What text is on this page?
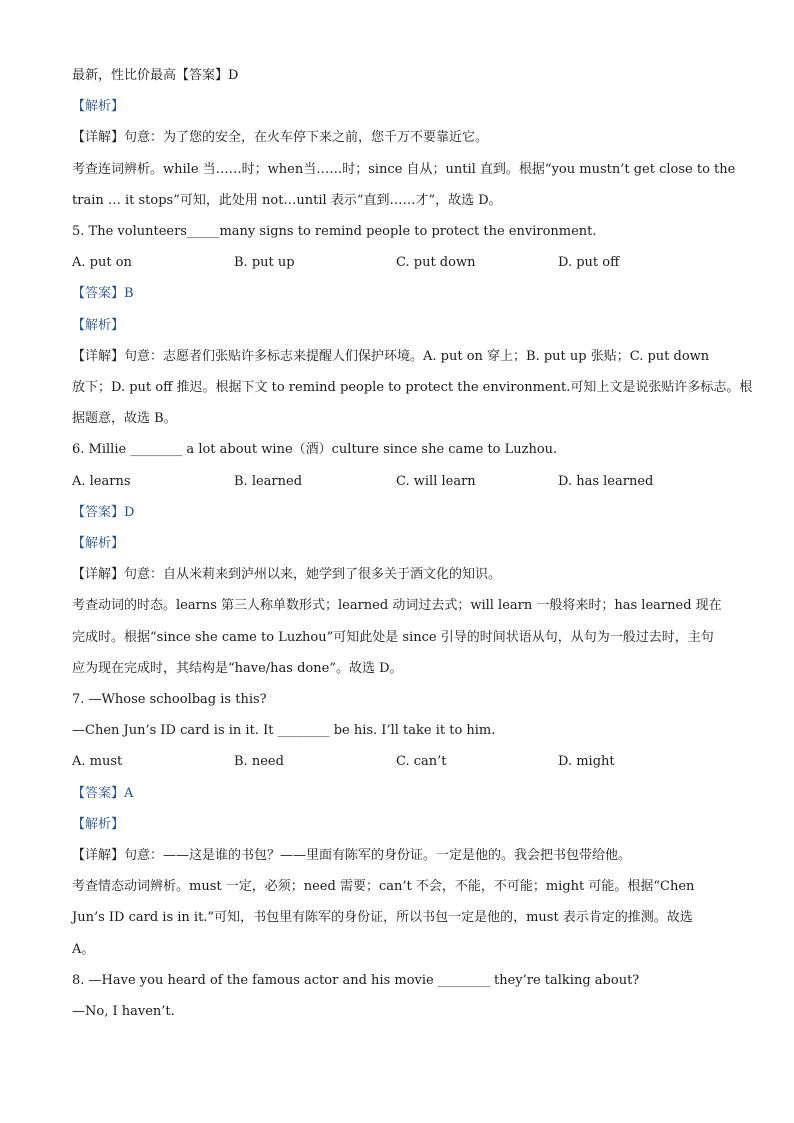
最新，性比价最高【答案】D
【解析】
【详解】句意：为了您的安全，在火车停下来之前，您千万不要靠近它。
考查连词辨析。while 当……时；when当……时；since 自从；until 直到。根据“you mustn’t get close to the
train … it stops”可知，此处用 not…until 表示“直到……才”，故选 D。
5. The volunteers_____many signs to remind people to protect the environment.
A. put on	B. put up	C. put down	D. put off
【答案】B
【解析】
【详解】句意：志愿者们张贴许多标志来提醒人们保护环境。A. put on 穿上；B. put up 张贴；C. put down
放下；D. put off 推迟。根据下文 to remind people to protect the environment.可知上文是说张贴许多标志。根
据题意，故选 B。
6. Millie ________ a lot about wine（酒）culture since she came to Luzhou.
A. learns	B. learned	C. will learn	D. has learned
【答案】D
【解析】
【详解】句意：自从米莉来到泸州以来，她学到了很多关于酒文化的知识。
考查动词的时态。learns 第三人称单数形式；learned 动词过去式；will learn 一般将来时；has learned 现在
完成时。根据“since she came to Luzhou”可知此处是 since 引导的时间状语从句，从句为一般过去时，主句
应为现在完成时，其结构是“have/has done”。故选 D。
7. —Whose schoolbag is this?
—Chen Jun’s ID card is in it. It ________ be his. I’ll take it to him.
A. must	B. need	C. can’t	D. might
【答案】A
【解析】
【详解】句意：——这是谁的书包？——里面有陈军的身份证。一定是他的。我会把书包带给他。
考查情态动词辨析。must 一定，必须；need 需要；can’t 不会，不能，不可能；might 可能。根据“Chen
Jun’s ID card is in it.”可知，书包里有陈军的身份证，所以书包一定是他的，must 表示肯定的推测。故选
A。
8. —Have you heard of the famous actor and his movie ________ they’re talking about?
—No, I haven’t.
